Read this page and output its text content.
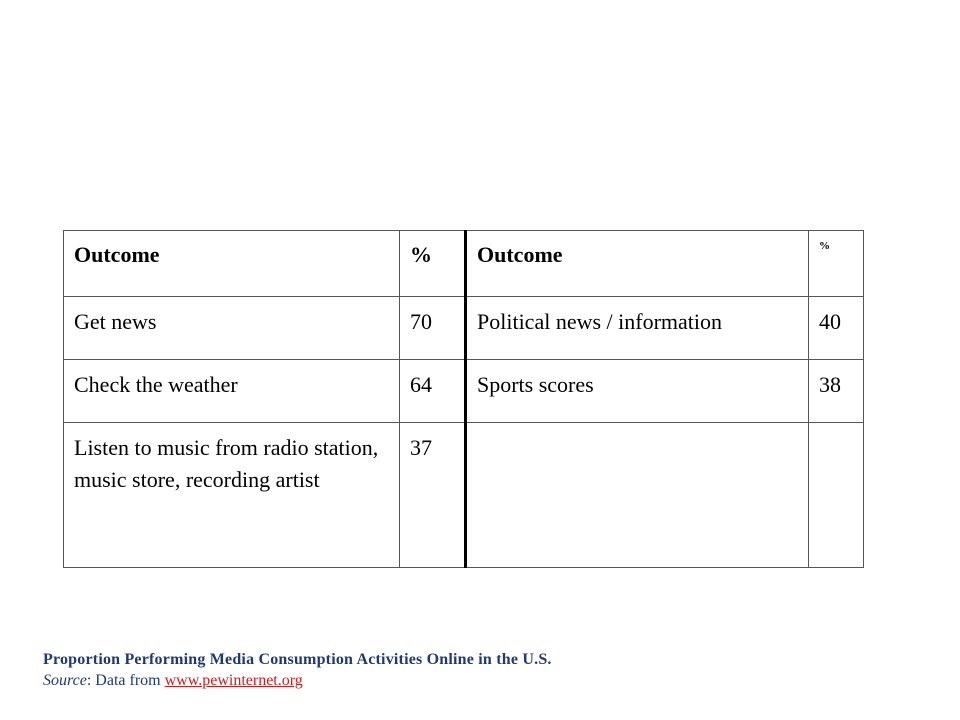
Outcome	%	Outcome	%
Get news	70	Political news / information	40
Check the weather	64	Sports scores	38
Listen to music from radio station, music store, recording artist	37		
Proportion Performing Media Consumption Activities Online in the U.S.
Source: Data from www.pewinternet.org
